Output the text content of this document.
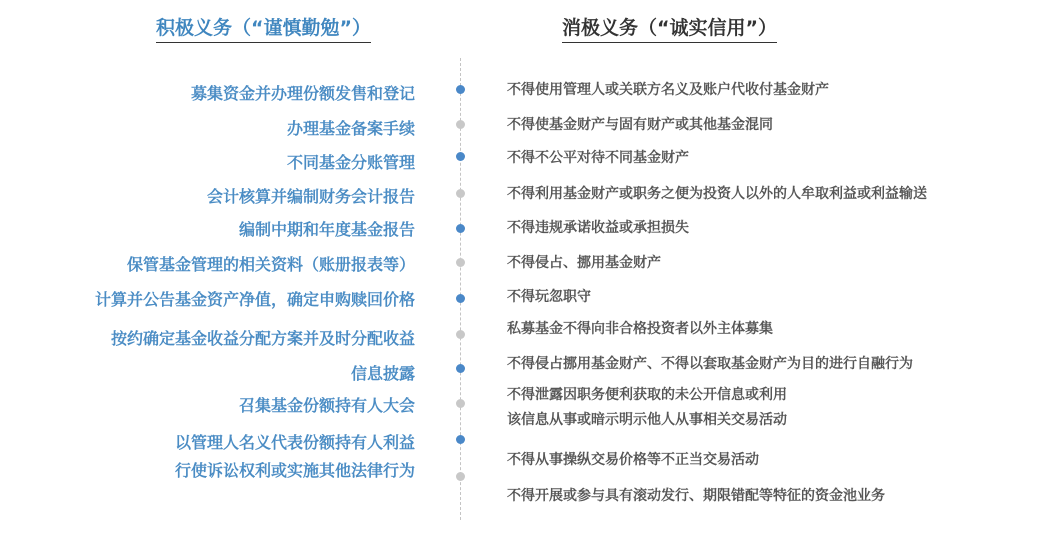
积极义务（“谨慎勤勉”）	消极义务（“诚实信用”）
募集资金并办理份额发售和登记
办理基金备案手续
不同基金分账管理
会计核算并编制财务会计报告
编制中期和年度基金报告
保管基金管理的相关资料（账册报表等）
计算并公告基金资产净值，确定申购赎回价格
按约确定基金收益分配方案并及时分配收益
信息披露
召集基金份额持有人大会
以管理人名义代表份额持有人利益
行使诉讼权利或实施其他法律行为
不得使用管理人或关联方名义及账户代收付基金财产
不得使基金财产与固有财产或其他基金混同
不得不公平对待不同基金财产
不得利用基金财产或职务之便为投资人以外的人牟取利益或利益输送
不得违规承诺收益或承担损失
不得侵占、挪用基金财产
不得玩忽职守
私募基金不得向非合格投资者以外主体募集
不得侵占挪用基金财产、不得以套取基金财产为目的进行自融行为
不得泄露因职务便利获取的未公开信息或利用
该信息从事或暗示明示他人从事相关交易活动
不得从事操纵交易价格等不正当交易活动
不得开展或参与具有滚动发行、期限错配等特征的资金池业务
